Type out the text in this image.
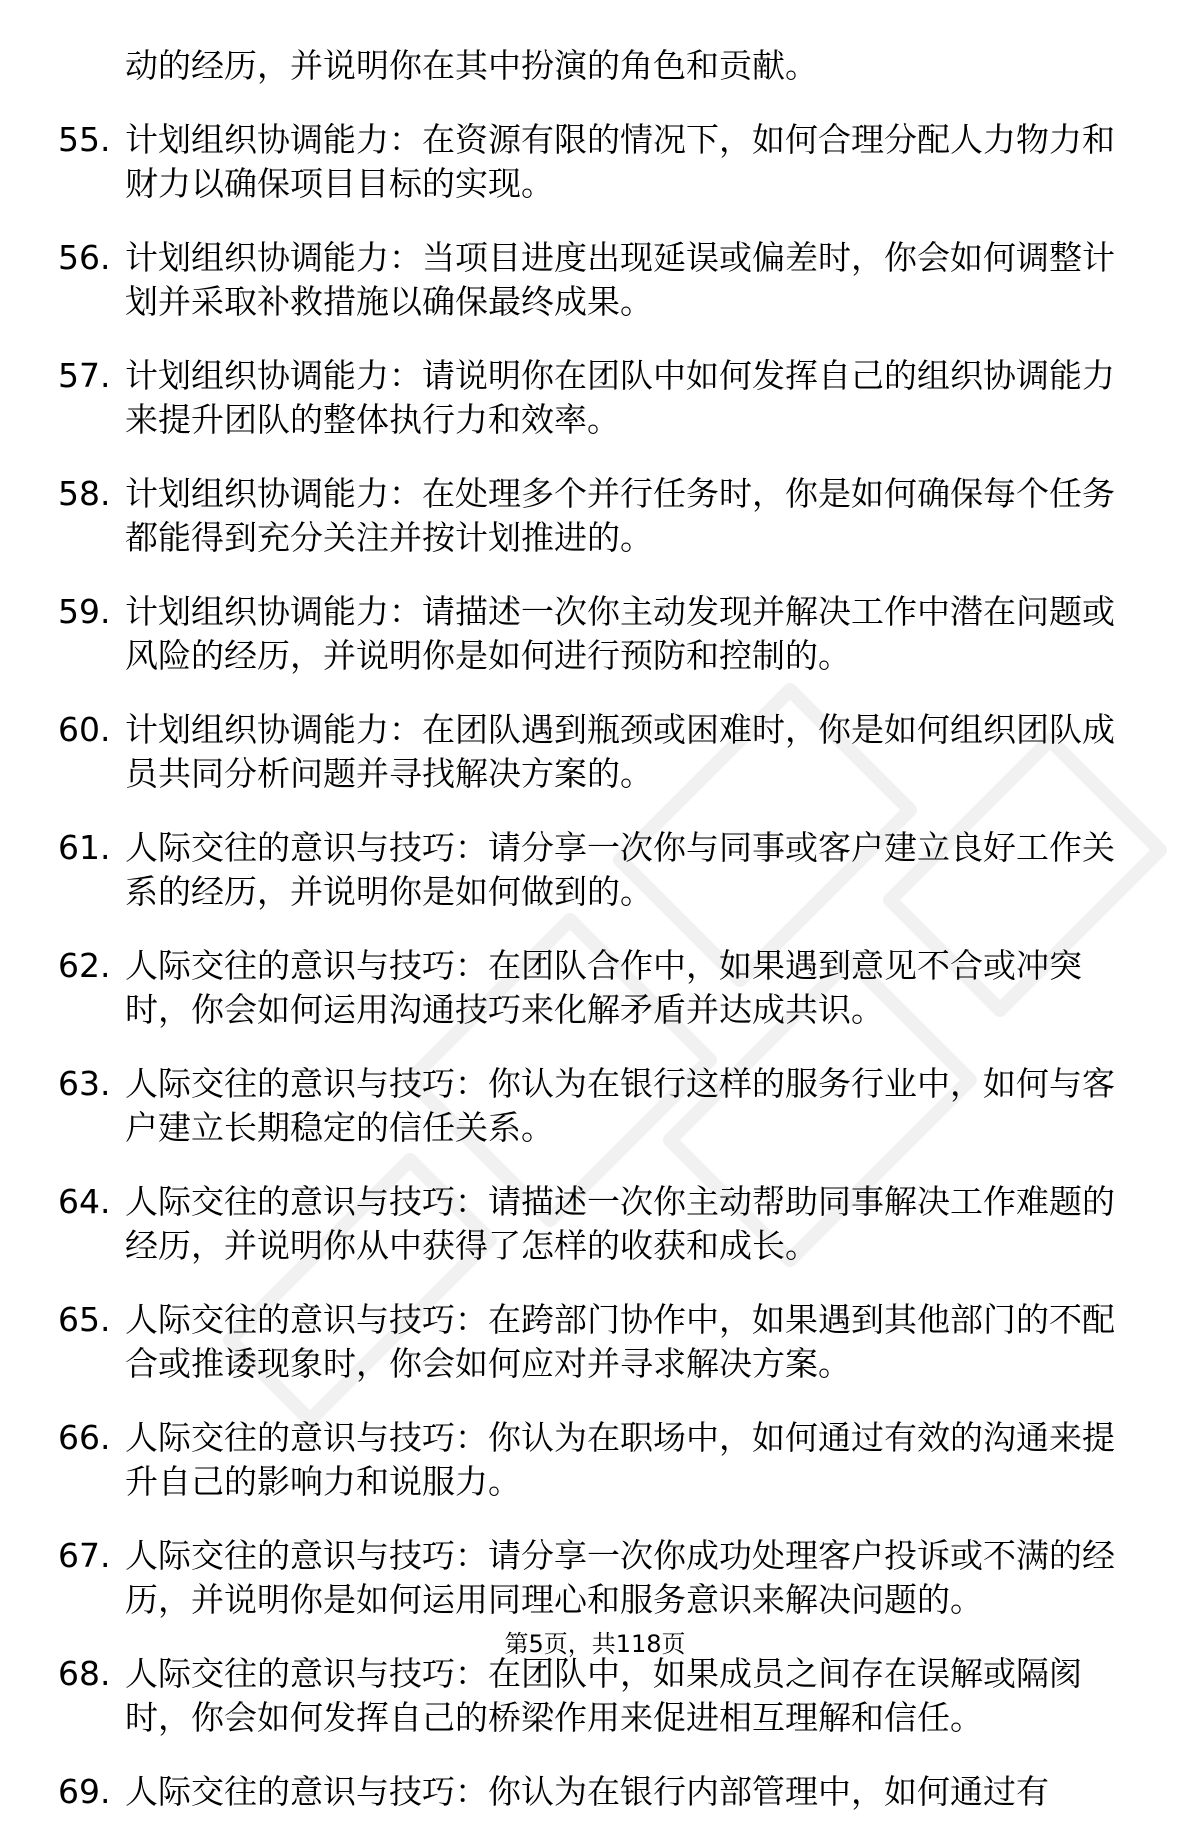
动的经历，并说明你在其中扮演的角色和贡献。
55. 计划组织协调能力：在资源有限的情况下，如何合理分配人力物力和财力以确保项目目标的实现。
56. 计划组织协调能力：当项目进度出现延误或偏差时，你会如何调整计划并采取补救措施以确保最终成果。
57. 计划组织协调能力：请说明你在团队中如何发挥自己的组织协调能力来提升团队的整体执行力和效率。
58. 计划组织协调能力：在处理多个并行任务时，你是如何确保每个任务都能得到充分关注并按计划推进的。
59. 计划组织协调能力：请描述一次你主动发现并解决工作中潜在问题或风险的经历，并说明你是如何进行预防和控制的。
60. 计划组织协调能力：在团队遇到瓶颈或困难时，你是如何组织团队成员共同分析问题并寻找解决方案的。
61. 人际交往的意识与技巧：请分享一次你与同事或客户建立良好工作关系的经历，并说明你是如何做到的。
62. 人际交往的意识与技巧：在团队合作中，如果遇到意见不合或冲突时，你会如何运用沟通技巧来化解矛盾并达成共识。
63. 人际交往的意识与技巧：你认为在银行这样的服务行业中，如何与客户建立长期稳定的信任关系。
64. 人际交往的意识与技巧：请描述一次你主动帮助同事解决工作难题的经历，并说明你从中获得了怎样的收获和成长。
65. 人际交往的意识与技巧：在跨部门协作中，如果遇到其他部门的不配合或推诿现象时，你会如何应对并寻求解决方案。
66. 人际交往的意识与技巧：你认为在职场中，如何通过有效的沟通来提升自己的影响力和说服力。
67. 人际交往的意识与技巧：请分享一次你成功处理客户投诉或不满的经历，并说明你是如何运用同理心和服务意识来解决问题的。
68. 人际交往的意识与技巧：在团队中，如果成员之间存在误解或隔阂时，你会如何发挥自己的桥梁作用来促进相互理解和信任。
69. 人际交往的意识与技巧：你认为在银行内部管理中，如何通过有
第5页，共118页
